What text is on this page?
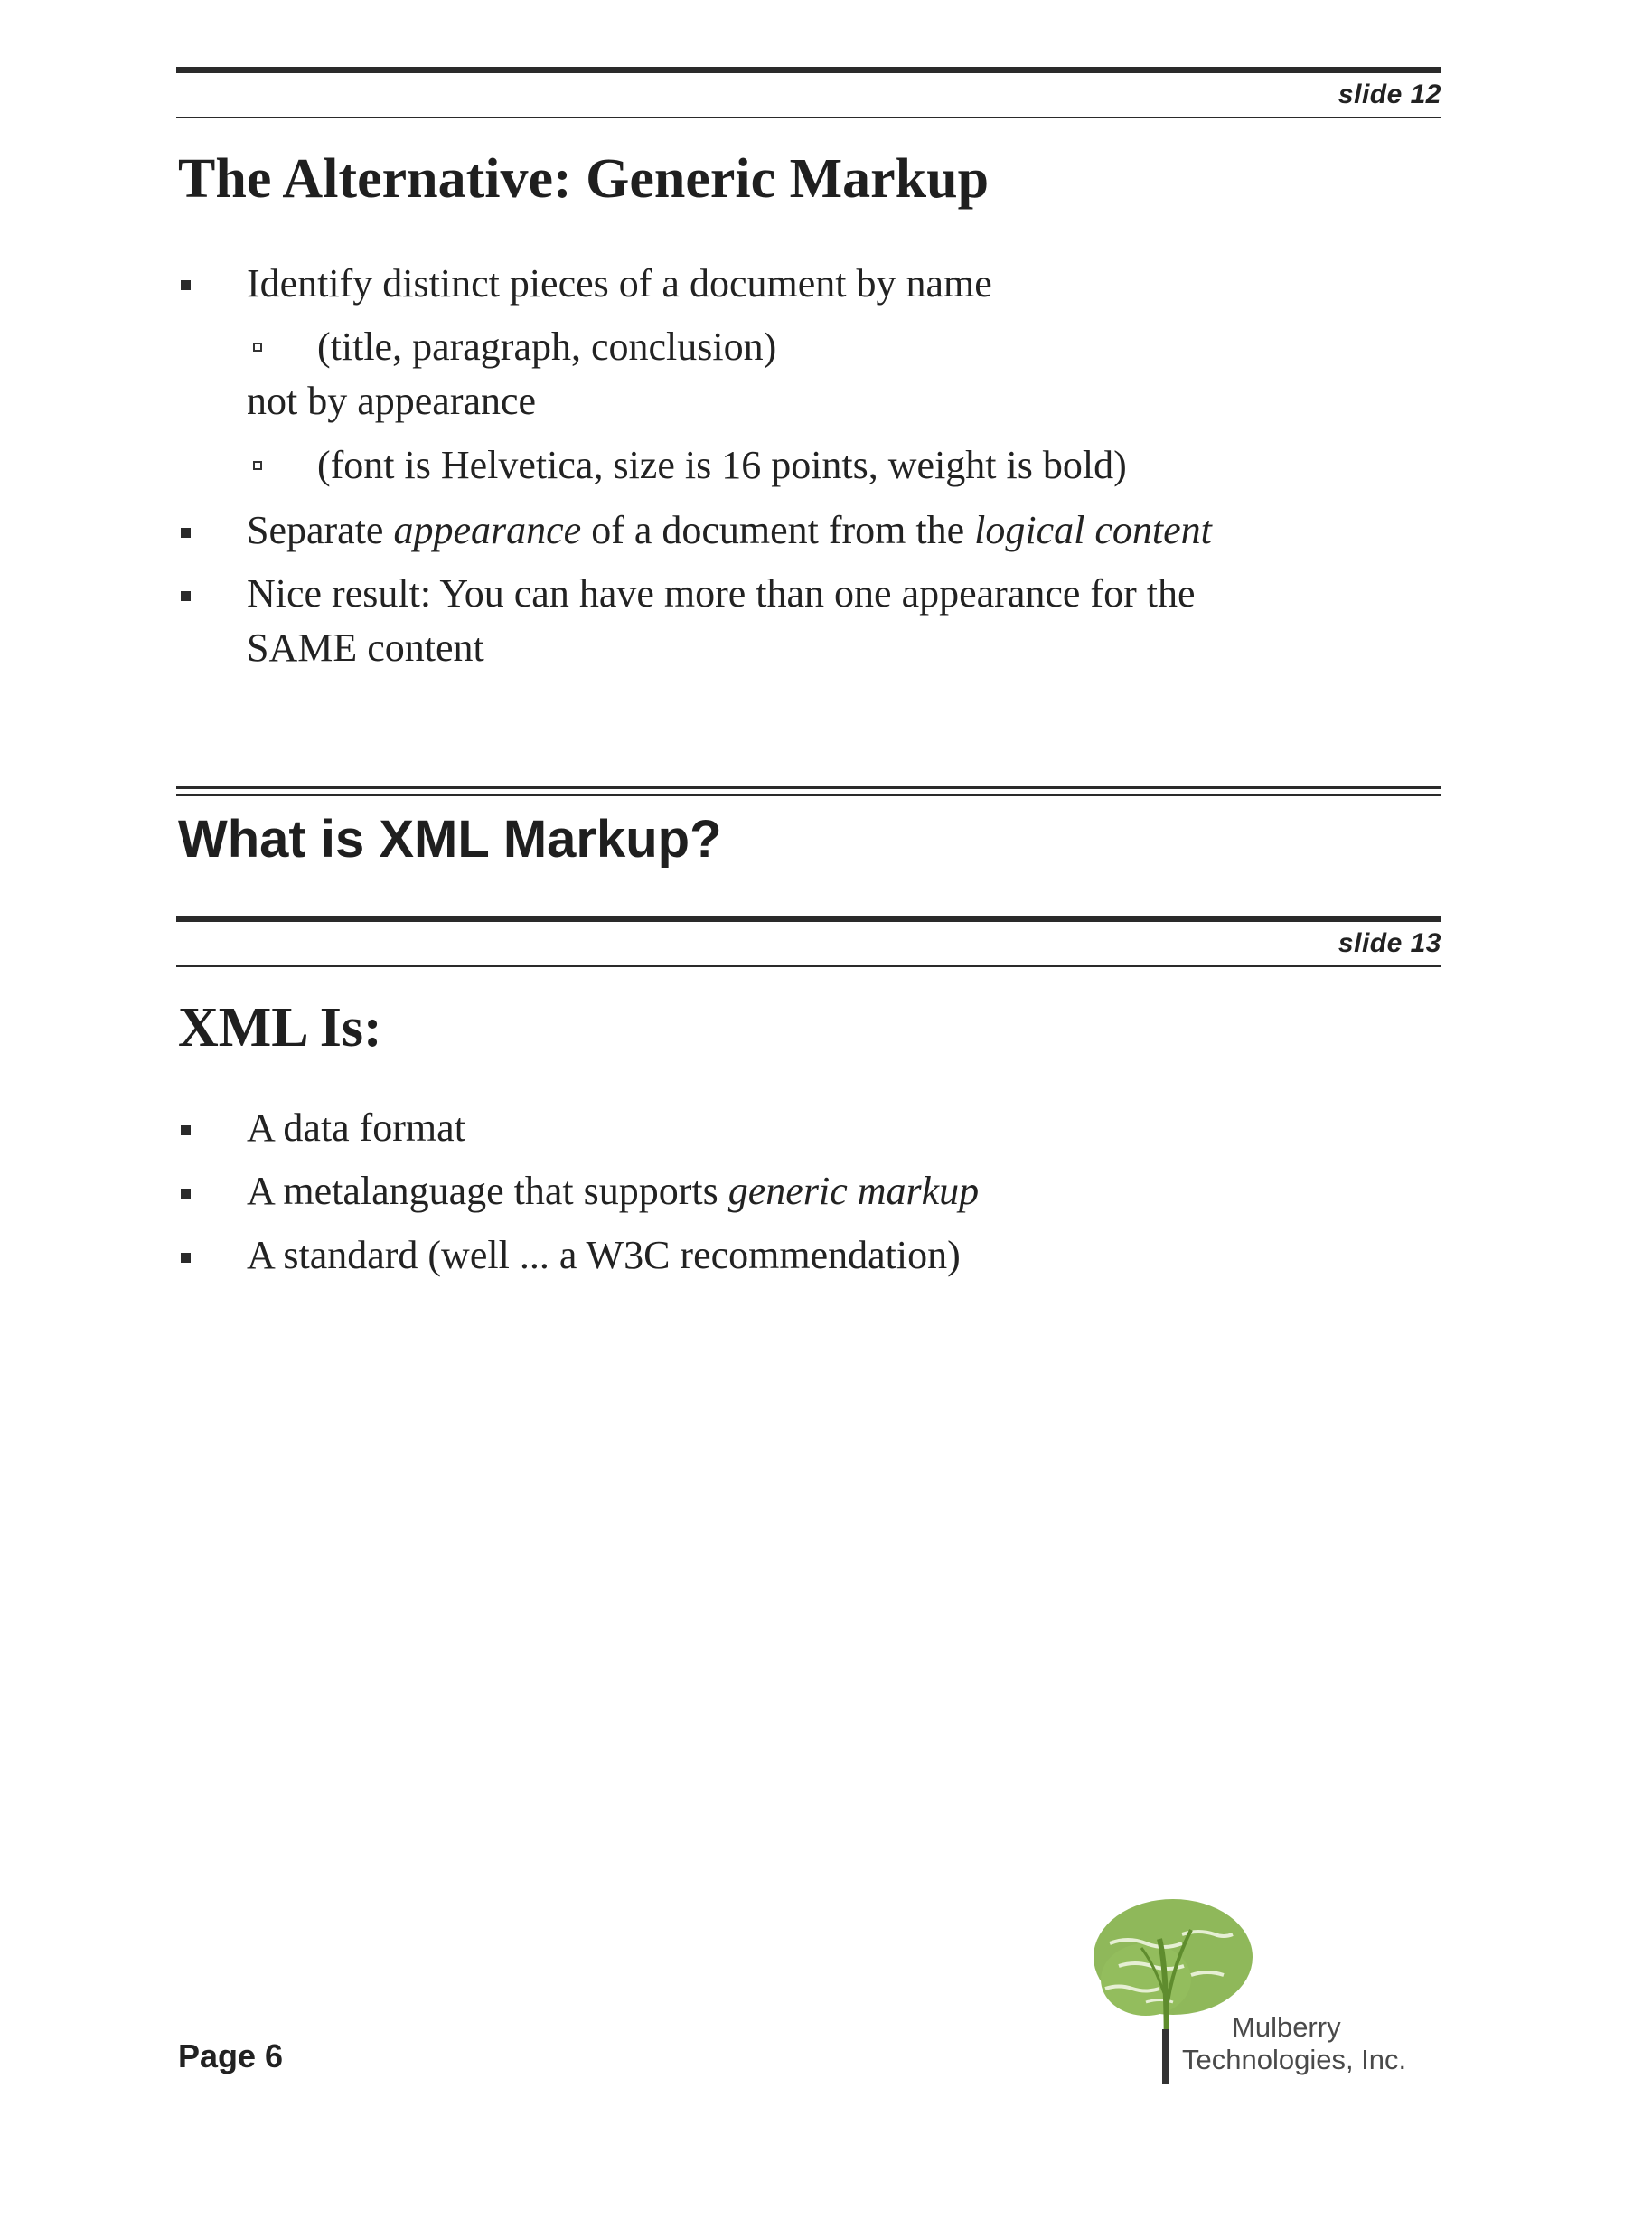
slide 12
The Alternative: Generic Markup
Identify distinct pieces of a document by name
(title, paragraph, conclusion)
not by appearance
(font is Helvetica, size is 16 points, weight is bold)
Separate appearance of a document from the logical content
Nice result: You can have more than one appearance for the
SAME content
What is XML Markup?
slide 13
XML Is:
A data format
A metalanguage that supports generic markup
A standard (well ... a W3C recommendation)
Page 6
Mulberry
Technologies, Inc.
